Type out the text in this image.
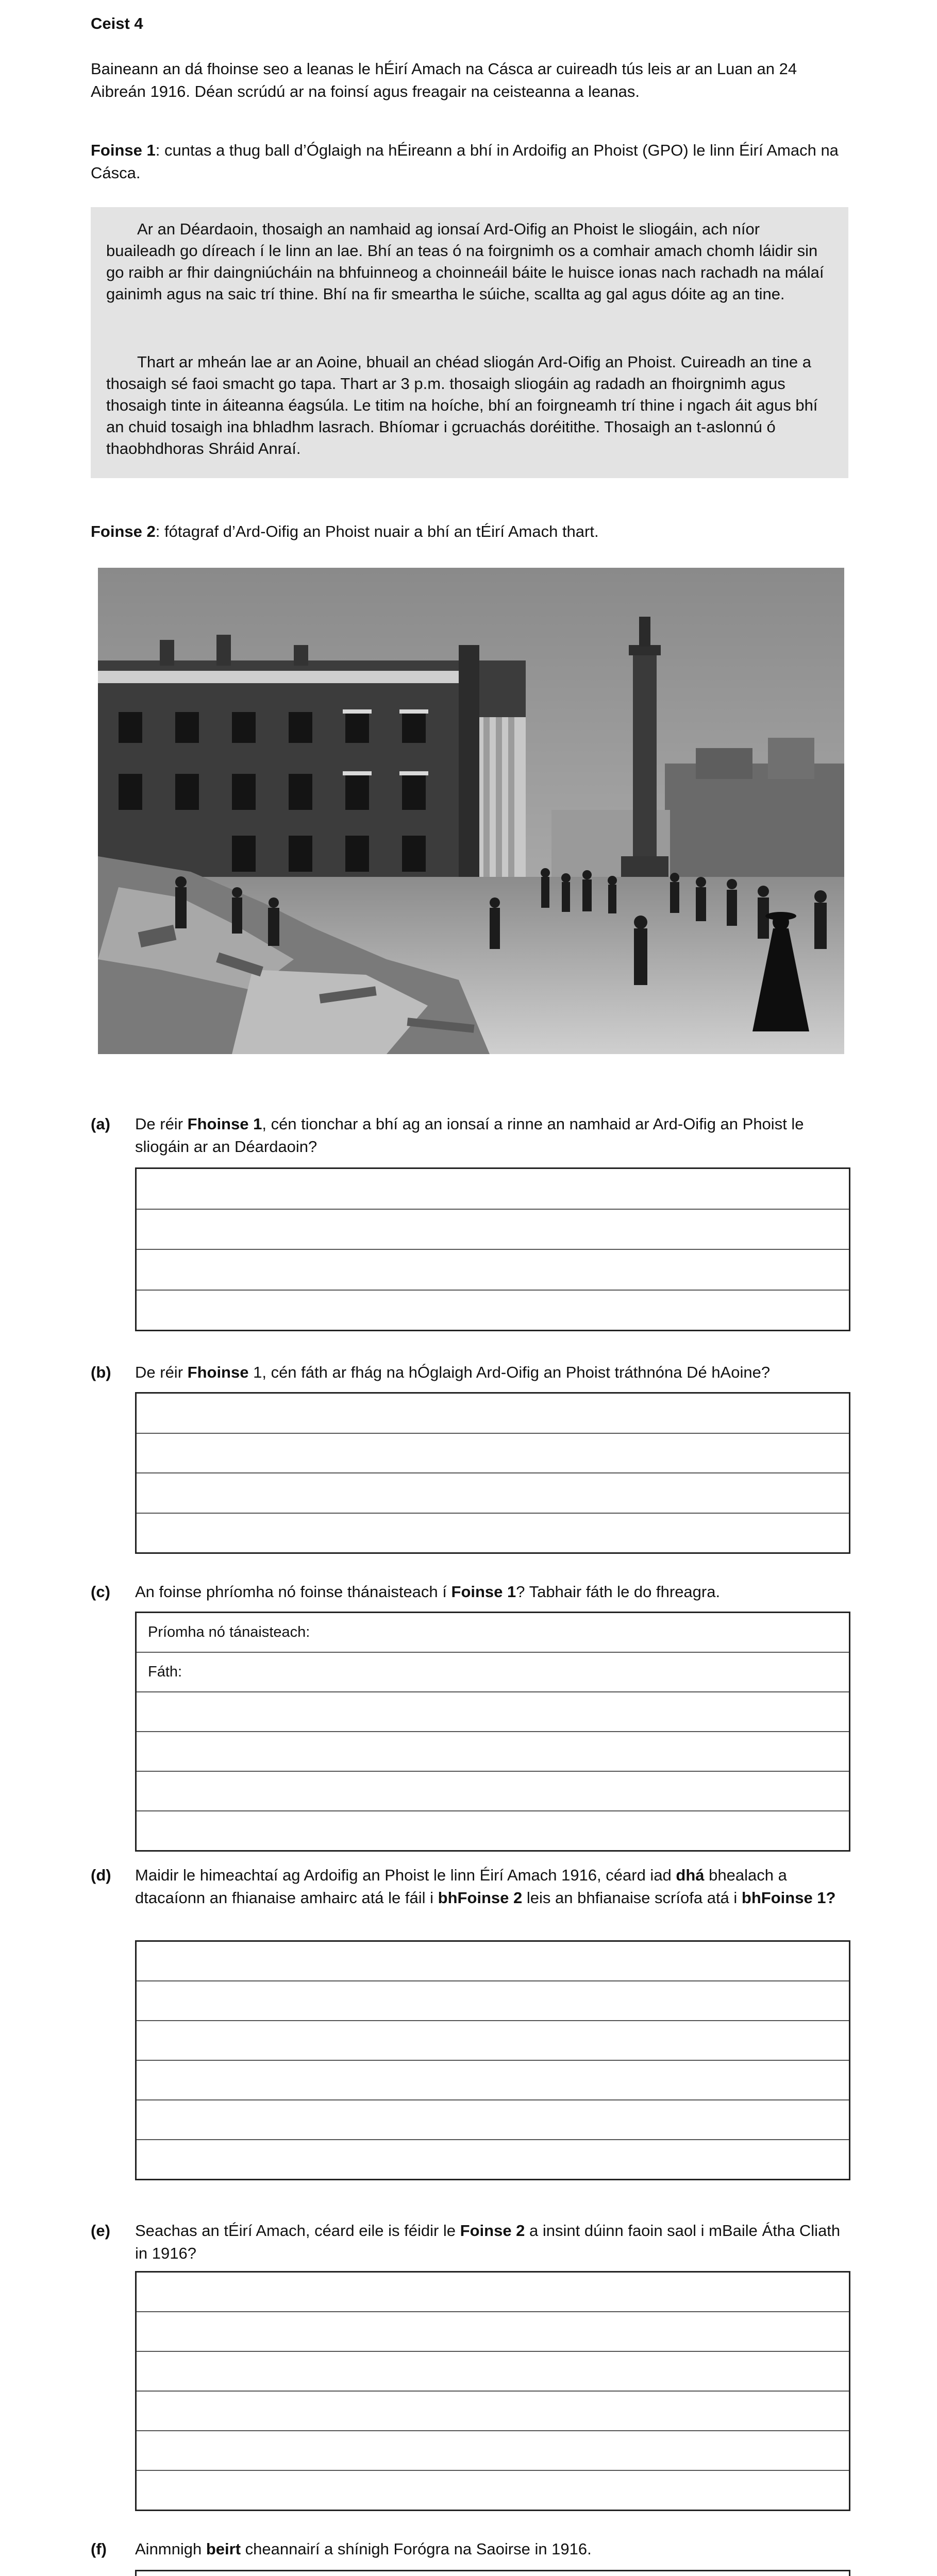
Ceist 4
Baineann an dá fhoinse seo a leanas le hÉirí Amach na Cásca ar cuireadh tús leis ar an Luan an 24 Aibreán 1916. Déan scrúdú ar na foinsí agus freagair na ceisteanna a leanas.
Foinse 1: cuntas a thug ball d’Óglaigh na hÉireann a bhí in Ardoifig an Phoist (GPO) le linn Éirí Amach na Cásca.
Ar an Déardaoin, thosaigh an namhaid ag ionsaí Ard-Oifig an Phoist le sliogáin, ach níor buaileadh go díreach í le linn an lae. Bhí an teas ó na foirgnimh os a comhair amach chomh láidir sin go raibh ar fhir daingniúcháin na bhfuinneog a choinneáil báite le huisce ionas nach rachadh na málaí gainimh agus na saic trí thine. Bhí na fir smeartha le súiche, scallta ag gal agus dóite ag an tine.
Thart ar mheán lae ar an Aoine, bhuail an chéad sliogán Ard-Oifig an Phoist. Cuireadh an tine a thosaigh sé faoi smacht go tapa. Thart ar 3 p.m. thosaigh sliogáin ag radadh an fhoirgnimh agus thosaigh tinte in áiteanna éagsúla. Le titim na hoíche, bhí an foirgneamh trí thine i ngach áit agus bhí an chuid tosaigh ina bhladhm lasrach. Bhíomar i gcruachás doréitithe. Thosaigh an t-aslonnú ó thaobhdhoras Shráid Anraí.
Foinse 2: fótagraf d’Ard-Oifig an Phoist nuair a bhí an tÉirí Amach thart.
(a) De réir Fhoinse 1, cén tionchar a bhí ag an ionsaí a rinne an namhaid ar Ard-Oifig an Phoist le sliogáin ar an Déardaoin?
(b) De réir Fhoinse 1, cén fáth ar fhág na hÓglaigh Ard-Oifig an Phoist tráthnóna Dé hAoine?
(c) An foinse phríomha nó foinse thánaisteach í Foinse 1? Tabhair fáth le do fhreagra.
Príomha nó tánaisteach:
Fáth:
(d) Maidir le himeachtaí ag Ardoifig an Phoist le linn Éirí Amach 1916, céard iad dhá bhealach a dtacaíonn an fhianaise amhairc atá le fáil i bhFoinse 2 leis an bhfianaise scríofa atá i bhFoinse 1?
(e) Seachas an tÉirí Amach, céard eile is féidir le Foinse 2 a insint dúinn faoin saol i mBaile Átha Cliath in 1916?
(f) Ainmnigh beirt cheannairí a shínigh Forógra na Saoirse in 1916.
